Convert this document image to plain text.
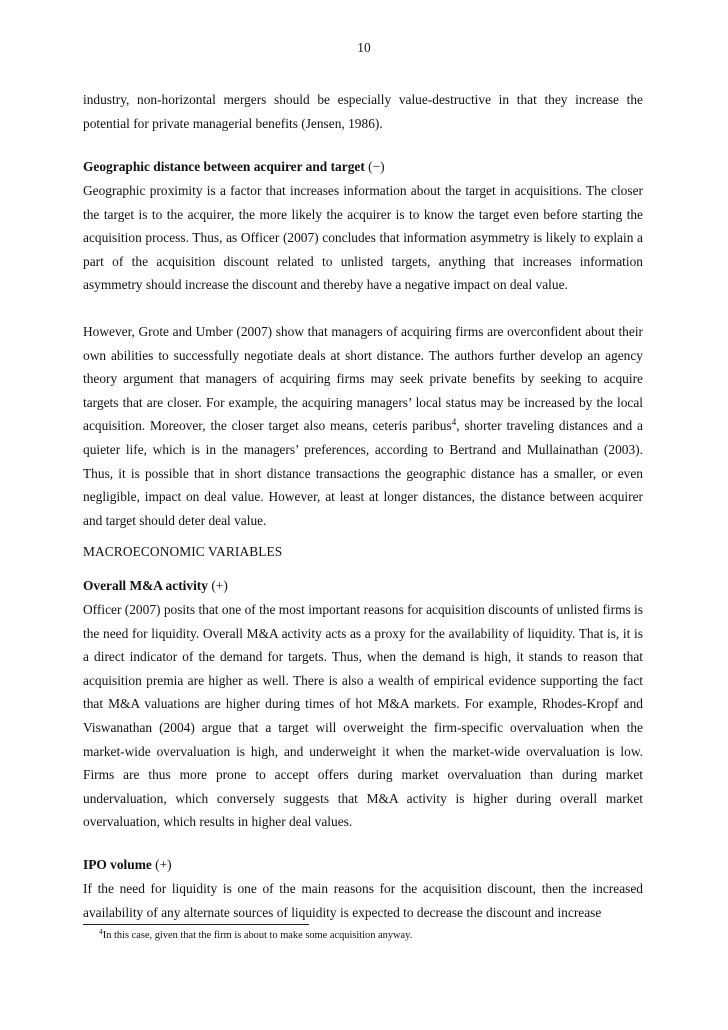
10

industry, non-horizontal mergers should be especially value-destructive in that they increase the potential for private managerial benefits (Jensen, 1986).

Geographic distance between acquirer and target (−)

Geographic proximity is a factor that increases information about the target in acquisitions. The closer the target is to the acquirer, the more likely the acquirer is to know the target even before starting the acquisition process. Thus, as Officer (2007) concludes that information asymmetry is likely to explain a part of the acquisition discount related to unlisted targets, anything that increases information asymmetry should increase the discount and thereby have a negative impact on deal value.

However, Grote and Umber (2007) show that managers of acquiring firms are overconfident about their own abilities to successfully negotiate deals at short distance. The authors further develop an agency theory argument that managers of acquiring firms may seek private benefits by seeking to acquire targets that are closer. For example, the acquiring managers’ local status may be increased by the local acquisition. Moreover, the closer target also means, ceteris paribus$^4$, shorter traveling distances and a quieter life, which is in the managers’ preferences, according to Bertrand and Mullainathan (2003). Thus, it is possible that in short distance transactions the geographic distance has a smaller, or even negligible, impact on deal value. However, at least at longer distances, the distance between acquirer and target should deter deal value.

MACROECONOMIC VARIABLES
Overall M&A activity (+)

Officer (2007) posits that one of the most important reasons for acquisition discounts of unlisted firms is the need for liquidity. Overall M&A activity acts as a proxy for the availability of liquidity. That is, it is a direct indicator of the demand for targets. Thus, when the demand is high, it stands to reason that acquisition premia are higher as well. There is also a wealth of empirical evidence supporting the fact that M&A valuations are higher during times of hot M&A markets. For example, Rhodes-Kropf and Viswanathan (2004) argue that a target will overweight the firm-specific overvaluation when the market-wide overvaluation is high, and underweight it when the market-wide overvaluation is low. Firms are thus more prone to accept offers during market overvaluation than during market undervaluation, which conversely suggests that M&A activity is higher during overall market overvaluation, which results in higher deal values.

IPO volume (+)

If the need for liquidity is one of the main reasons for the acquisition discount, then the increased availability of any alternate sources of liquidity is expected to decrease the discount and increase

$^4$In this case, given that the firm is about to make some acquisition anyway.
